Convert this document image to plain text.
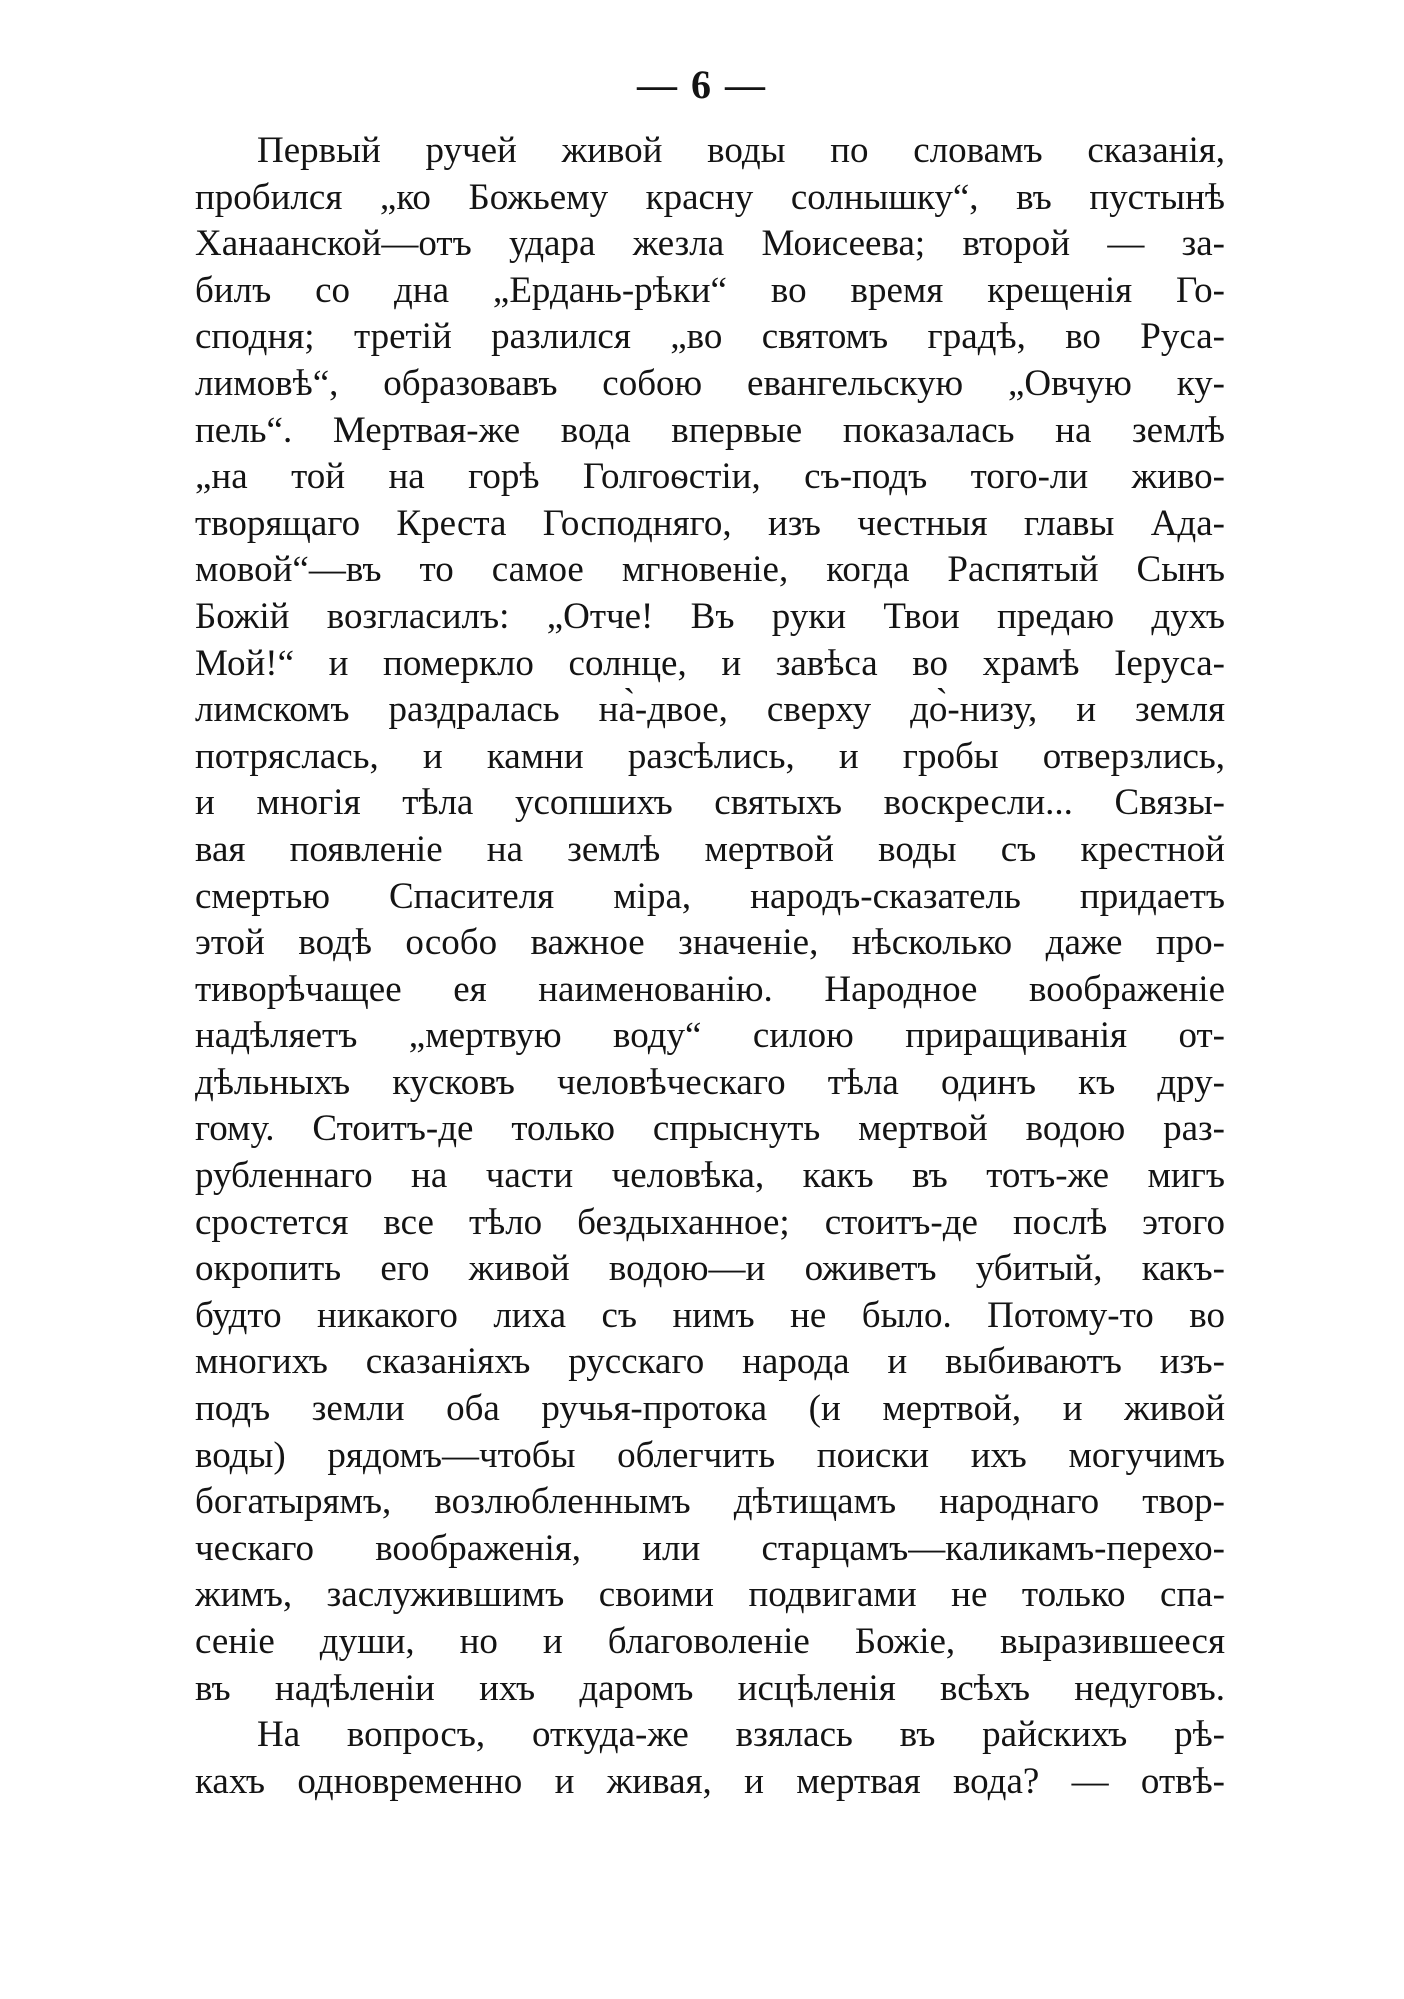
— 6 —
Первый ручей живой воды по словамъ сказанія,
пробился „ко Божьему красну солнышку“, въ пустынѣ
Ханаанской—отъ удара жезла Моисеева; второй — за-
билъ со дна „Ердань-рѣки“ во время крещенія Го-
сподня; третій разлился „во святомъ градѣ, во Руса-
лимовѣ“, образовавъ собою евангельскую „Овчую ку-
пель“. Мертвая-же вода впервые показалась на землѣ
„на той на горѣ Голгоѳстіи, съ-подъ того-ли живо-
творящаго Креста Господняго, изъ честныя главы Ада-
мовой“—въ то самое мгновеніе, когда Распятый Сынъ
Божій возгласилъ: „Отче! Въ руки Твои предаю духъ
Мой!“ и померкло солнце, и завѣса во храмѣ Іеруса-
лимскомъ раздралась на̀-двое, сверху до̀-низу, и земля
потряслась, и камни разсѣлись, и гробы отверзлись,
и многія тѣла усопшихъ святыхъ воскресли... Связы-
вая появленіе на землѣ мертвой воды съ крестной
смертью Спасителя міра, народъ-сказатель придаетъ
этой водѣ особо важное значеніе, нѣсколько даже про-
тиворѣчащее ея наименованію. Народное воображеніе
надѣляетъ „мертвую воду“ силою приращиванія от-
дѣльныхъ кусковъ человѣческаго тѣла одинъ къ дру-
гому. Стоитъ-де только спрыснуть мертвой водою раз-
рубленнаго на части человѣка, какъ въ тотъ-же мигъ
сростется все тѣло бездыханное; стоитъ-де послѣ этого
окропить его живой водою—и оживетъ убитый, какъ-
будто никакого лиха съ нимъ не было. Потому-то во
многихъ сказаніяхъ русскаго народа и выбиваютъ изъ-
подъ земли оба ручья-протока (и мертвой, и живой
воды) рядомъ—чтобы облегчить поиски ихъ могучимъ
богатырямъ, возлюбленнымъ дѣтищамъ народнаго твор-
ческаго воображенія, или старцамъ—каликамъ-перехо-
жимъ, заслужившимъ своими подвигами не только спа-
сеніе души, но и благоволеніе Божіе, выразившееся
въ надѣленіи ихъ даромъ исцѣленія всѣхъ недуговъ.
На вопросъ, откуда-же взялась въ райскихъ рѣ-
кахъ одновременно и живая, и мертвая вода? — отвѣ-
